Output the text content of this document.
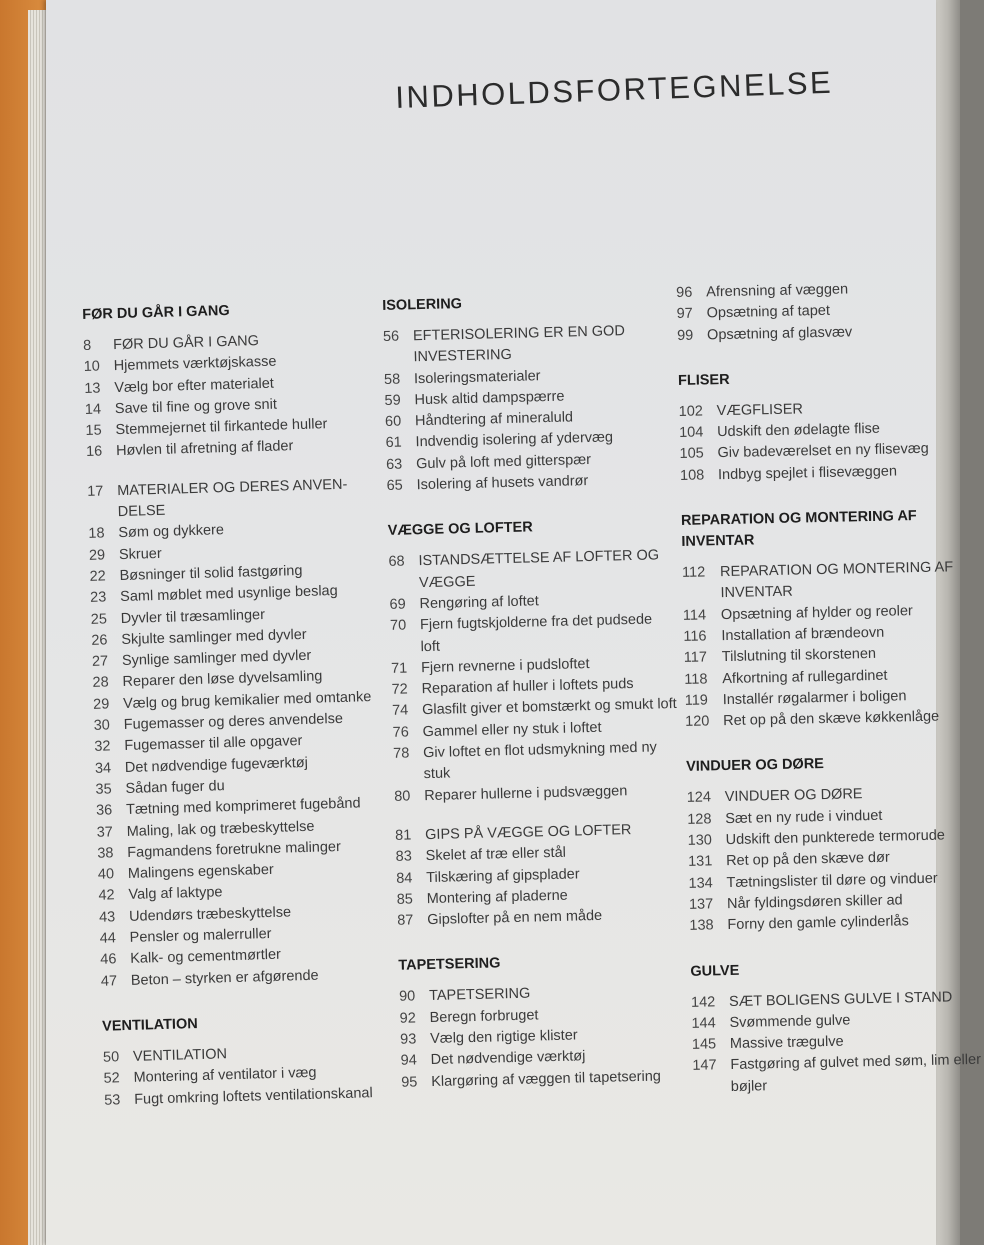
INDHOLDSFORTEGNELSE
FØR DU GÅR I GANG
8	FØR DU GÅR I GANG
10 Hjemmets værktøjskasse
13 Vælg bor efter materialet
14 Save til fine og grove snit
15 Stemmejernet til firkantede huller
16 Høvlen til afretning af flader
17 MATERIALER OG DERES ANVEN-DELSE
18 Søm og dykkere
29 Skruer
22 Bøsninger til solid fastgøring
23 Saml møblet med usynlige beslag
25 Dyvler til træsamlinger
26 Skjulte samlinger med dyvler
27 Synlige samlinger med dyvler
28 Reparer den løse dyvelsamling
29 Vælg og brug kemikalier med omtanke
30 Fugemasser og deres anvendelse
32 Fugemasser til alle opgaver
34 Det nødvendige fugeværktøj
35 Sådan fuger du
36 Tætning med komprimeret fugebånd
37 Maling, lak og træbeskyttelse
38 Fagmandens foretrukne malinger
40 Malingens egenskaber
42 Valg af laktype
43 Udendørs træbeskyttelse
44 Pensler og malerruller
46 Kalk- og cementmørtler
47 Beton – styrken er afgørende
VENTILATION
50 VENTILATION
52 Montering af ventilator i væg
53 Fugt omkring loftets ventilationskanal
ISOLERING
56 EFTERISOLERING ER EN GOD INVESTERING
58 Isoleringsmaterialer
59 Husk altid dampspærre
60 Håndtering af mineraluld
61 Indvendig isolering af ydervæg
63 Gulv på loft med gitterspær
65 Isolering af husets vandrør
VÆGGE OG LOFTER
68 ISTANDSÆTTELSE AF LOFTER OG VÆGGE
69 Rengøring af loftet
70 Fjern fugtskjolderne fra det pudsede loft
71 Fjern revnerne i pudsloftet
72 Reparation af huller i loftets puds
74 Glasfilt giver et bomstærkt og smukt loft
76 Gammel eller ny stuk i loftet
78 Giv loftet en flot udsmykning med ny stuk
80 Reparer hullerne i pudsvæggen
81 GIPS PÅ VÆGGE OG LOFTER
83 Skelet af træ eller stål
84 Tilskæring af gipsplader
85 Montering af pladerne
87 Gipslofter på en nem måde
TAPETSERING
90 TAPETSERING
92 Beregn forbruget
93 Vælg den rigtige klister
94 Det nødvendige værktøj
95 Klargøring af væggen til tapetsering
96 Afrensning af væggen
97 Opsætning af tapet
99 Opsætning af glasvæv
FLISER
102 VÆGFLISER
104 Udskift den ødelagte flise
105 Giv badeværelset en ny flisevæg
108 Indbyg spejlet i flisevæggen
REPARATION OG MONTERING AF INVENTAR
112	REPARATION OG MONTERING AF INVENTAR
114	Opsætning af hylder og reoler
116	Installation af brændeovn
117	Tilslutning til skorstenen
118	Afkortning af rullegardinet
119	Installér røgalarmer i boligen
120 Ret op på den skæve køkkenlåge
VINDUER OG DØRE
124 VINDUER OG DØRE
128 Sæt en ny rude i vinduet
130 Udskift den punkterede termorude
131 Ret op på den skæve dør
134 Tætningslister til døre og vinduer
137 Når fyldingsdøren skiller ad
138 Forny den gamle cylinderlås
GULVE
142 SÆT BOLIGENS GULVE I STAND
144 Svømmende gulve
145 Massive trægulve
147 Fastgøring af gulvet med søm, lim eller bøjler
